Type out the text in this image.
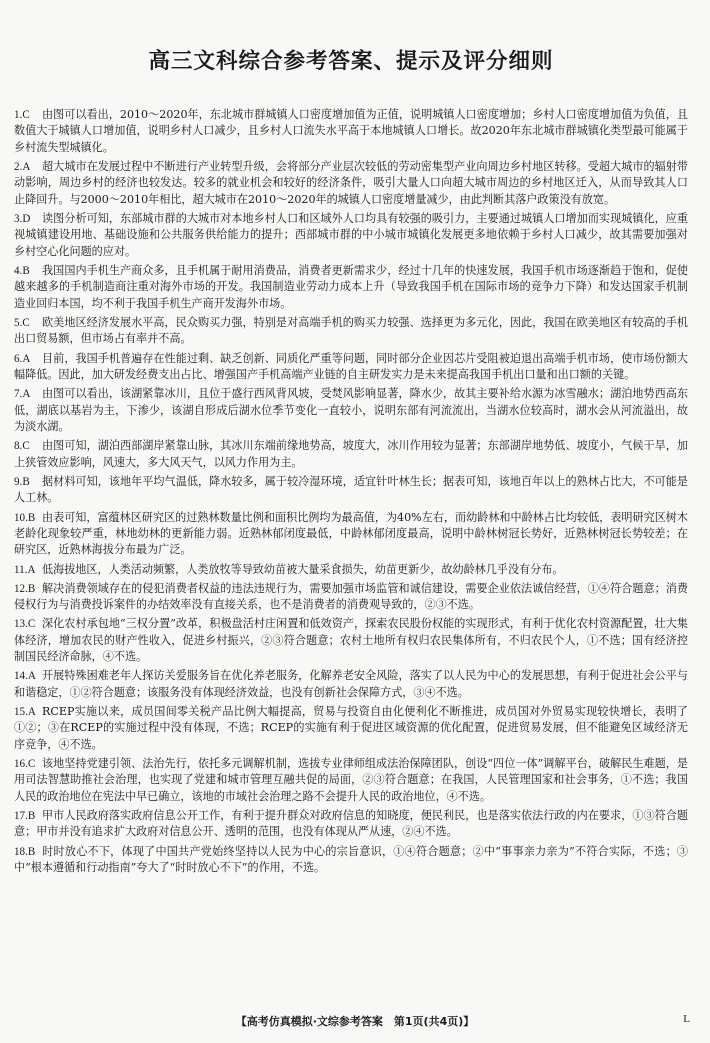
高三文科综合参考答案、提示及评分细则
1.C 由图可以看出，2010～2020年，东北城市群城镇人口密度增加值为正值，说明城镇人口密度增加；乡村人口密度增加值为负值，且数值大于城镇人口增加值，说明乡村人口减少，且乡村人口流失水平高于本地城镇人口增长。故2020年东北城市群城镇化类型最可能属于乡村流失型城镇化。
2.A 超大城市在发展过程中不断进行产业转型升级，会将部分产业层次较低的劳动密集型产业向周边乡村地区转移。受超大城市的辐射带动影响，周边乡村的经济也较发达。较多的就业机会和较好的经济条件，吸引大量人口向超大城市周边的乡村地区迁入，从而导致其人口止降回升。与2000～2010年相比，超大城市在2010～2020年的城镇人口密度增量减少，由此判断其落户政策没有放宽。
3.D 读图分析可知，东部城市群的大城市对本地乡村人口和区域外人口均具有较强的吸引力，主要通过城镇人口增加而实现城镇化，应重视城镇建设用地、基础设施和公共服务供给能力的提升；西部城市群的中小城市城镇化发展更多地依赖于乡村人口减少，故其需要加强对乡村空心化问题的应对。
4.B 我国国内手机生产商众多，且手机属于耐用消费品，消费者更新需求少，经过十几年的快速发展，我国手机市场逐渐趋于饱和，促使越来越多的手机制造商注重对海外市场的开发。我国制造业劳动力成本上升（导致我国手机在国际市场的竞争力下降）和发达国家手机制造业回归本国，均不利于我国手机生产商开发海外市场。
5.C 欧美地区经济发展水平高，民众购买力强，特别是对高端手机的购买力较强、选择更为多元化，因此，我国在欧美地区有较高的手机出口贸易额，但市场占有率并不高。
6.A 目前，我国手机普遍存在性能过剩、缺乏创新、同质化严重等问题，同时部分企业因芯片受阻被迫退出高端手机市场，使市场份额大幅降低。因此，加大研发经费支出占比、增强国产手机高端产业链的自主研发实力是未来提高我国手机出口量和出口额的关键。
7.A 由图可以看出，该湖紧靠冰川，且位于盛行西风背风坡，受焚风影响显著，降水少，故其主要补给水源为冰雪融水；湖泊地势西高东低，湖底以基岩为主，下渗少，该湖自形成后湖水位季节变化一直较小，说明东部有河流流出，当湖水位较高时，湖水会从河流溢出，故为淡水湖。
8.C 由图可知，湖泊西部湖岸紧靠山脉，其冰川东端前缘地势高，坡度大，冰川作用较为显著；东部湖岸地势低、坡度小，气候干旱，加上狭管效应影响，风速大，多大风天气，以风力作用为主。
9.B 据材料可知，该地年平均气温低，降水较多，属于较冷湿环境，适宜针叶林生长；据表可知，该地百年以上的熟林占比大，不可能是人工林。
10.B 由表可知，富蕴林区研究区的过熟林数量比例和面积比例均为最高值，为40%左右，而幼龄林和中龄林占比均较低，表明研究区树木老龄化现象较严重，林地幼林的更新能力弱。近熟林郁闭度最低，中龄林郁闭度最高，说明中龄林树冠长势好，近熟林树冠长势较差；在研究区，近熟林海拔分布最为广泛。
11.A 低海拔地区，人类活动频繁，人类放牧等导致幼苗被大量采食损失，幼苗更新少，故幼龄林几乎没有分布。
12.B 解决消费领域存在的侵犯消费者权益的违法违规行为，需要加强市场监管和诚信建设，需要企业依法诚信经营，①④符合题意；消费侵权行为与消费投诉案件的办结效率没有直接关系，也不是消费者的消费观导致的，②③不选。
13.C 深化农村承包地“三权分置”改革，积极盘活村庄闲置和低效资产，探索农民股份权能的实现形式，有利于优化农村资源配置，壮大集体经济，增加农民的财产性收入，促进乡村振兴，②③符合题意；农村土地所有权归农民集体所有，不归农民个人，①不选；国有经济控制国民经济命脉，④不选。
14.A 开展特殊困难老年人探访关爱服务旨在优化养老服务，化解养老安全风险，落实了以人民为中心的发展思想，有利于促进社会公平与和谐稳定，①②符合题意；该服务没有体现经济效益，也没有创新社会保障方式，③④不选。
15.A RCEP实施以来，成员国间零关税产品比例大幅提高，贸易与投资自由化便利化不断推进，成员国对外贸易实现较快增长，表明了①②；③在RCEP的实施过程中没有体现，不选；RCEP的实施有利于促进区域资源的优化配置，促进贸易发展，但不能避免区域经济无序竞争，④不选。
16.C 该地坚持党建引领、法治先行，依托多元调解机制，选拔专业律师组成法治保障团队，创设“四位一体”调解平台，破解民生难题，是用司法智慧助推社会治理，也实现了党建和城市管理互融共促的局面，②③符合题意；在我国，人民管理国家和社会事务，①不选；我国人民的政治地位在宪法中早已确立，该地的市域社会治理之路不会提升人民的政治地位，④不选。
17.B 甲市人民政府落实政府信息公开工作，有利于提升群众对政府信息的知晓度，便民利民，也是落实依法行政的内在要求，①③符合题意；甲市并没有追求扩大政府对信息公开、透明的范围，也没有体现从严从速，②④不选。
18.B 时时放心不下，体现了中国共产党始终坚持以人民为中心的宗旨意识，①④符合题意；②中“事事亲力亲为”不符合实际，不选；③中“根本遵循和行动指南”夸大了“时时放心不下”的作用，不选。
【高考仿真模拟·文综参考答案　第1页(共4页)】	L
